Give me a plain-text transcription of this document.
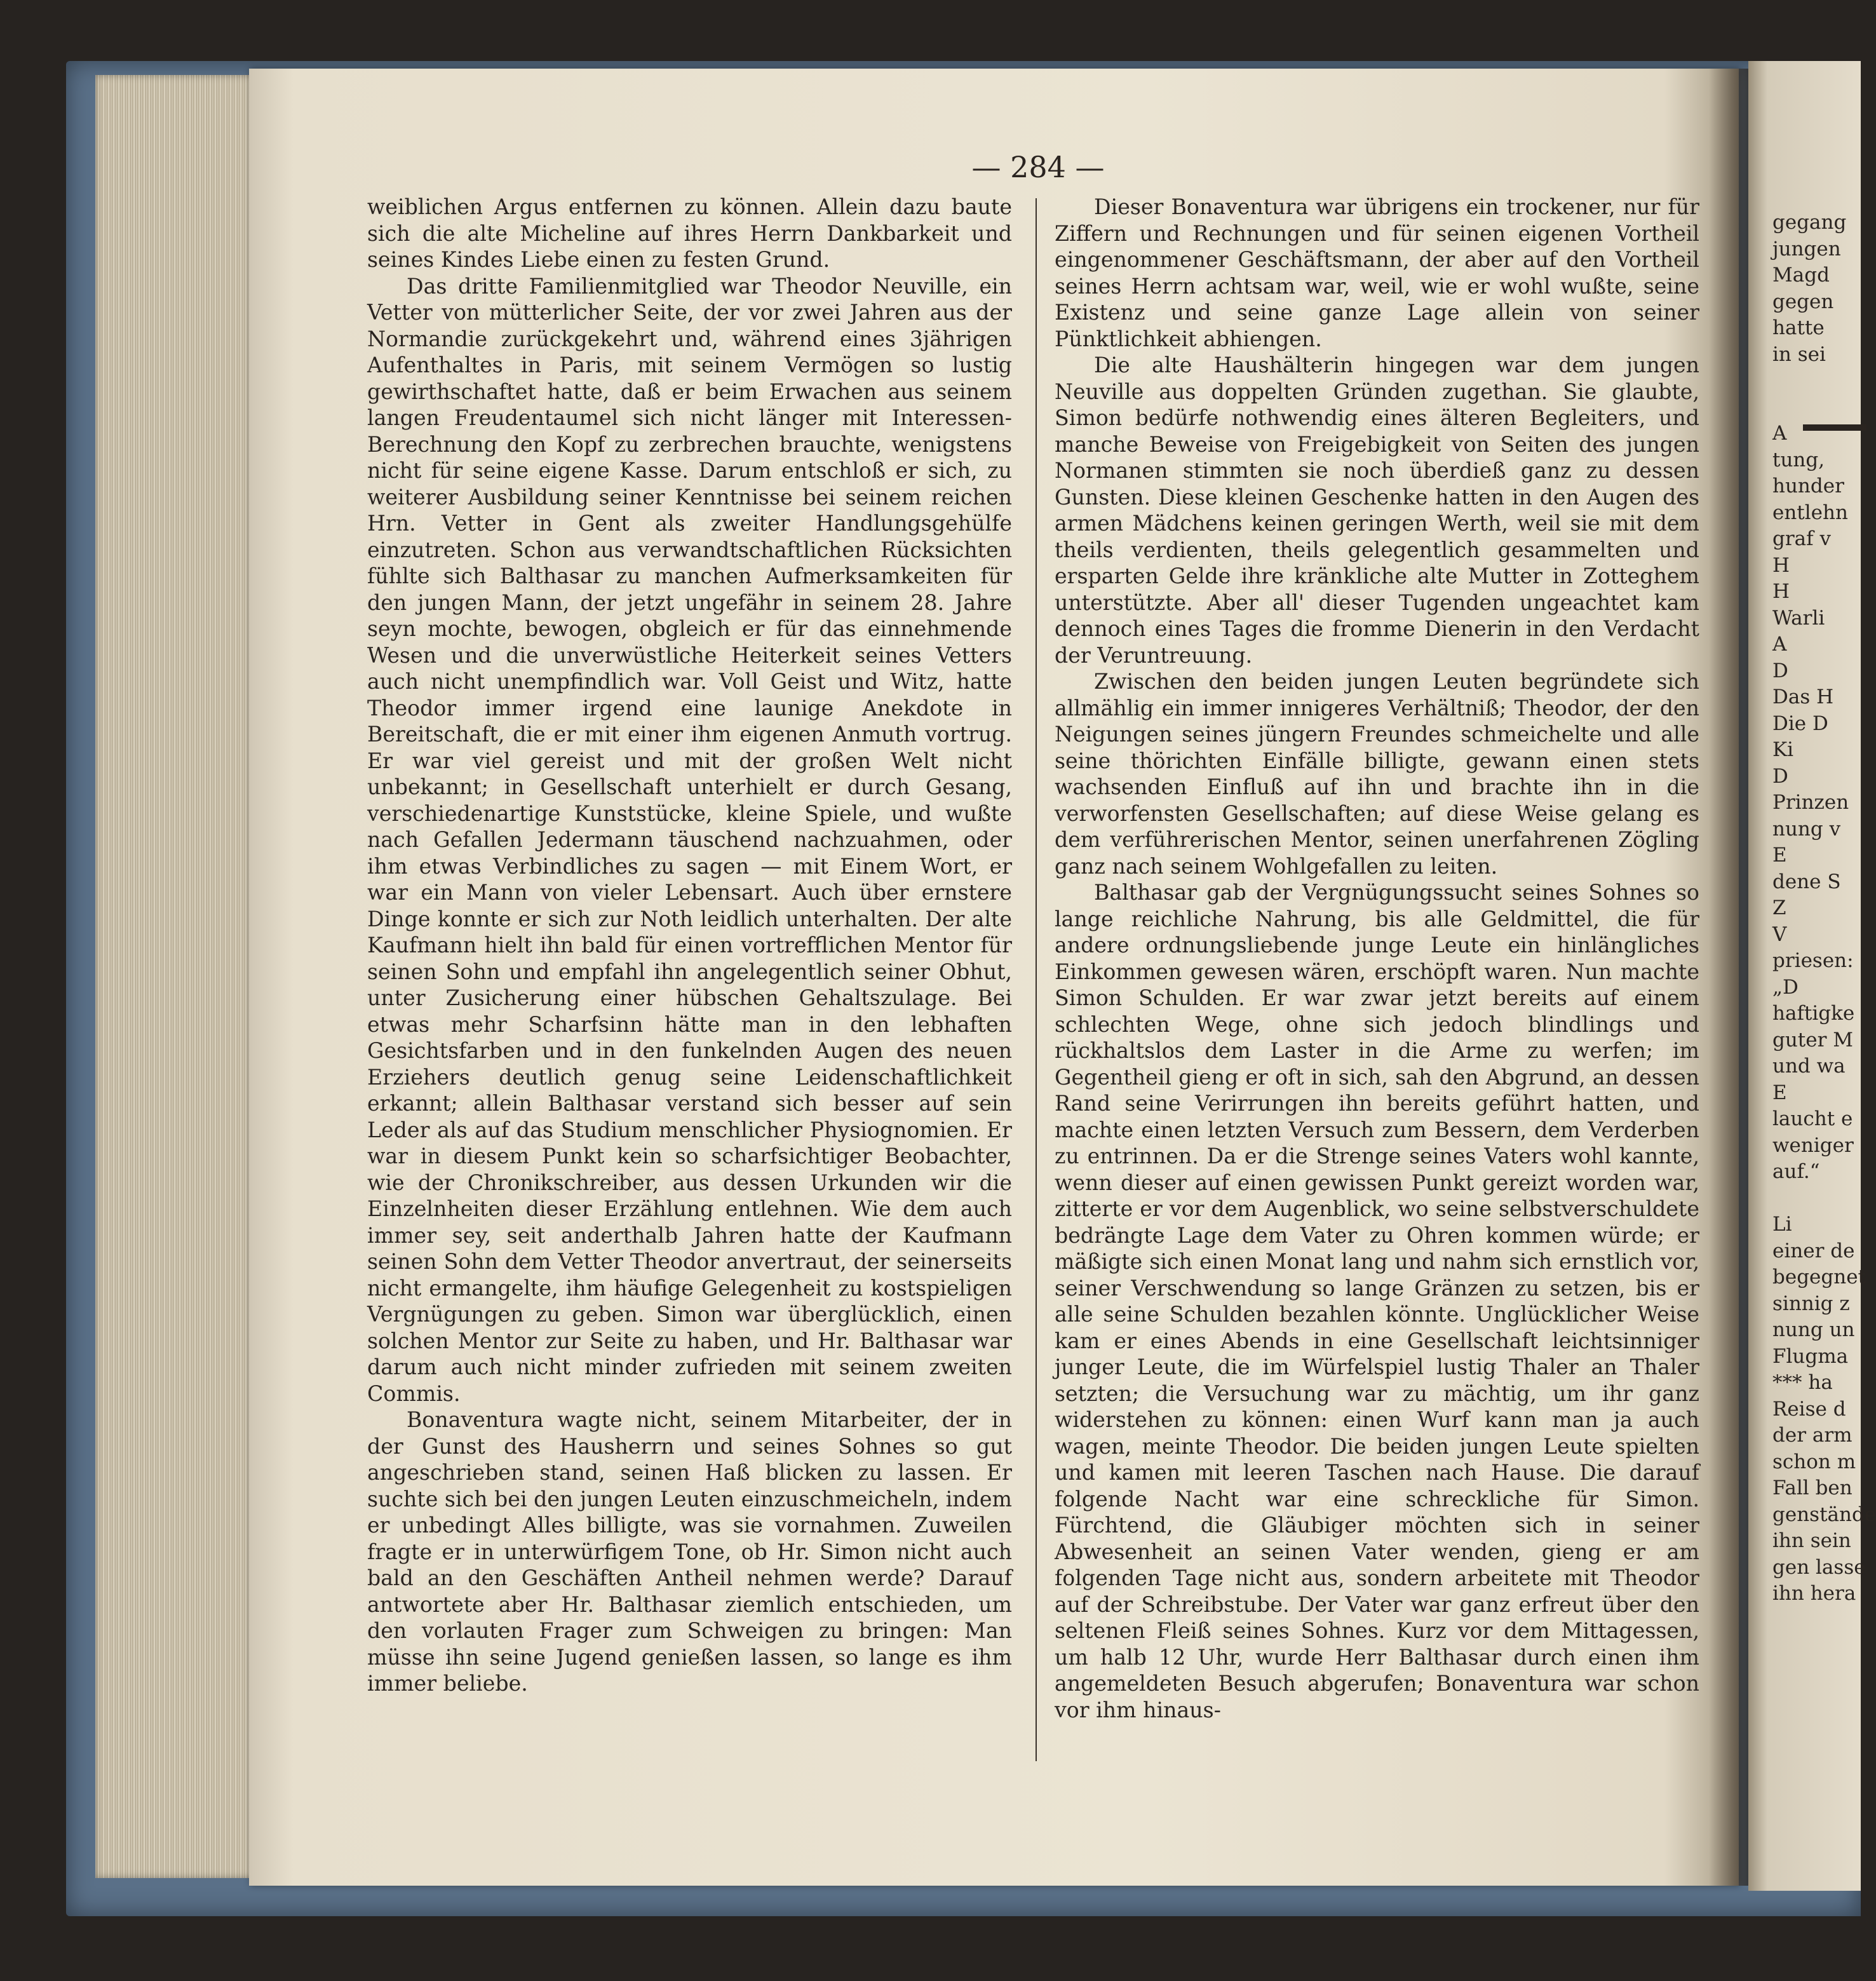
— 284 —

weiblichen Argus entfernen zu können. Allein dazu baute sich die alte Micheline auf ihres Herrn Dankbarkeit und seines Kindes Liebe einen zu festen Grund.

Das dritte Familienmitglied war Theodor Neuville, ein Vetter von mütterlicher Seite, der vor zwei Jahren aus der Normandie zurückgekehrt und, während eines 3jährigen Aufenthaltes in Paris, mit seinem Vermögen so lustig gewirthschaftet hatte, daß er beim Erwachen aus seinem langen Freudentaumel sich nicht länger mit Interessen-Berechnung den Kopf zu zerbrechen brauchte, wenigstens nicht für seine eigene Kasse. Darum entschloß er sich, zu weiterer Ausbildung seiner Kenntnisse bei seinem reichen Hrn. Vetter in Gent als zweiter Handlungsgehülfe einzutreten. Schon aus verwandtschaftlichen Rücksichten fühlte sich Balthasar zu manchen Aufmerksamkeiten für den jungen Mann, der jetzt ungefähr in seinem 28. Jahre seyn mochte, bewogen, obgleich er für das einnehmende Wesen und die unverwüstliche Heiterkeit seines Vetters auch nicht unempfindlich war. Voll Geist und Witz, hatte Theodor immer irgend eine launige Anekdote in Bereitschaft, die er mit einer ihm eigenen Anmuth vortrug. Er war viel gereist und mit der großen Welt nicht unbekannt; in Gesellschaft unterhielt er durch Gesang, verschiedenartige Kunststücke, kleine Spiele, und wußte nach Gefallen Jedermann täuschend nachzuahmen, oder ihm etwas Verbindliches zu sagen — mit Einem Wort, er war ein Mann von vieler Lebensart. Auch über ernstere Dinge konnte er sich zur Noth leidlich unterhalten. Der alte Kaufmann hielt ihn bald für einen vortrefflichen Mentor für seinen Sohn und empfahl ihn angelegentlich seiner Obhut, unter Zusicherung einer hübschen Gehaltszulage. Bei etwas mehr Scharfsinn hätte man in den lebhaften Gesichtsfarben und in den funkelnden Augen des neuen Erziehers deutlich genug seine Leidenschaftlichkeit erkannt; allein Balthasar verstand sich besser auf sein Leder als auf das Studium menschlicher Physiognomien. Er war in diesem Punkt kein so scharfsichtiger Beobachter, wie der Chronikschreiber, aus dessen Urkunden wir die Einzelnheiten dieser Erzählung entlehnen. Wie dem auch immer sey, seit anderthalb Jahren hatte der Kaufmann seinen Sohn dem Vetter Theodor anvertraut, der seinerseits nicht ermangelte, ihm häufige Gelegenheit zu kostspieligen Vergnügungen zu geben. Simon war überglücklich, einen solchen Mentor zur Seite zu haben, und Hr. Balthasar war darum auch nicht minder zufrieden mit seinem zweiten Commis.

Bonaventura wagte nicht, seinem Mitarbeiter, der in der Gunst des Hausherrn und seines Sohnes so gut angeschrieben stand, seinen Haß blicken zu lassen. Er suchte sich bei den jungen Leuten einzuschmeicheln, indem er unbedingt Alles billigte, was sie vornahmen. Zuweilen fragte er in unterwürfigem Tone, ob Hr. Simon nicht auch bald an den Geschäften Antheil nehmen werde? Darauf antwortete aber Hr. Balthasar ziemlich entschieden, um den vorlauten Frager zum Schweigen zu bringen: Man müsse ihn seine Jugend genießen lassen, so lange es ihm immer beliebe.

Dieser Bonaventura war übrigens ein trockener, nur für Ziffern und Rechnungen und für seinen eigenen Vortheil eingenommener Geschäftsmann, der aber auf den Vortheil seines Herrn achtsam war, weil, wie er wohl wußte, seine Existenz und seine ganze Lage allein von seiner Pünktlichkeit abhiengen.

Die alte Haushälterin hingegen war dem jungen Neuville aus doppelten Gründen zugethan. Sie glaubte, Simon bedürfe nothwendig eines älteren Begleiters, und manche Beweise von Freigebigkeit von Seiten des jungen Normanen stimmten sie noch überdieß ganz zu dessen Gunsten. Diese kleinen Geschenke hatten in den Augen des armen Mädchens keinen geringen Werth, weil sie mit dem theils verdienten, theils gelegentlich gesammelten und ersparten Gelde ihre kränkliche alte Mutter in Zotteghem unterstützte. Aber all' dieser Tugenden ungeachtet kam dennoch eines Tages die fromme Dienerin in den Verdacht der Veruntreuung.

Zwischen den beiden jungen Leuten begründete sich allmählig ein immer innigeres Verhältniß; Theodor, der den Neigungen seines jüngern Freundes schmeichelte und alle seine thörichten Einfälle billigte, gewann einen stets wachsenden Einfluß auf ihn und brachte ihn in die verworfensten Gesellschaften; auf diese Weise gelang es dem verführerischen Mentor, seinen unerfahrenen Zögling ganz nach seinem Wohlgefallen zu leiten.

Balthasar gab der Vergnügungssucht seines Sohnes so lange reichliche Nahrung, bis alle Geldmittel, die für andere ordnungsliebende junge Leute ein hinlängliches Einkommen gewesen wären, erschöpft waren. Nun machte Simon Schulden. Er war zwar jetzt bereits auf einem schlechten Wege, ohne sich jedoch blindlings und rückhaltslos dem Laster in die Arme zu werfen; im Gegentheil gieng er oft in sich, sah den Abgrund, an dessen Rand seine Verirrungen ihn bereits geführt hatten, und machte einen letzten Versuch zum Bessern, dem Verderben zu entrinnen. Da er die Strenge seines Vaters wohl kannte, wenn dieser auf einen gewissen Punkt gereizt worden war, zitterte er vor dem Augenblick, wo seine selbstverschuldete bedrängte Lage dem Vater zu Ohren kommen würde; er mäßigte sich einen Monat lang und nahm sich ernstlich vor, seiner Verschwendung so lange Gränzen zu setzen, bis er alle seine Schulden bezahlen könnte. Unglücklicher Weise kam er eines Abends in eine Gesellschaft leichtsinniger junger Leute, die im Würfelspiel lustig Thaler an Thaler setzten; die Versuchung war zu mächtig, um ihr ganz widerstehen zu können: einen Wurf kann man ja auch wagen, meinte Theodor. Die beiden jungen Leute spielten und kamen mit leeren Taschen nach Hause. Die darauf folgende Nacht war eine schreckliche für Simon. Fürchtend, die Gläubiger möchten sich in seiner Abwesenheit an seinen Vater wenden, gieng er am folgenden Tage nicht aus, sondern arbeitete mit Theodor auf der Schreibstube. Der Vater war ganz erfreut über den seltenen Fleiß seines Sohnes. Kurz vor dem Mittagessen, um halb 12 Uhr, wurde Herr Balthasar durch einen ihm angemeldeten Besuch abgerufen; Bonaventura war schon vor ihm hinaus-

gegang
jungen
Magd
gegen
hatte
in sei
A
tung,
hunder
entlehn
graf v
H
H
Warli
A
D
Das H
Die D
Ki
D
Prinzen
nung v
E
dene S
Z
V
priesen:
„D
haftigke
guter M
und wa
E
laucht e
weniger
auf.“
Li
einer de
begegnet
sinnig z
nung un
Flugma
*** ha
Reise d
der arm
schon m
Fall ben
genstände
ihn sein
gen lasse
ihn hera
